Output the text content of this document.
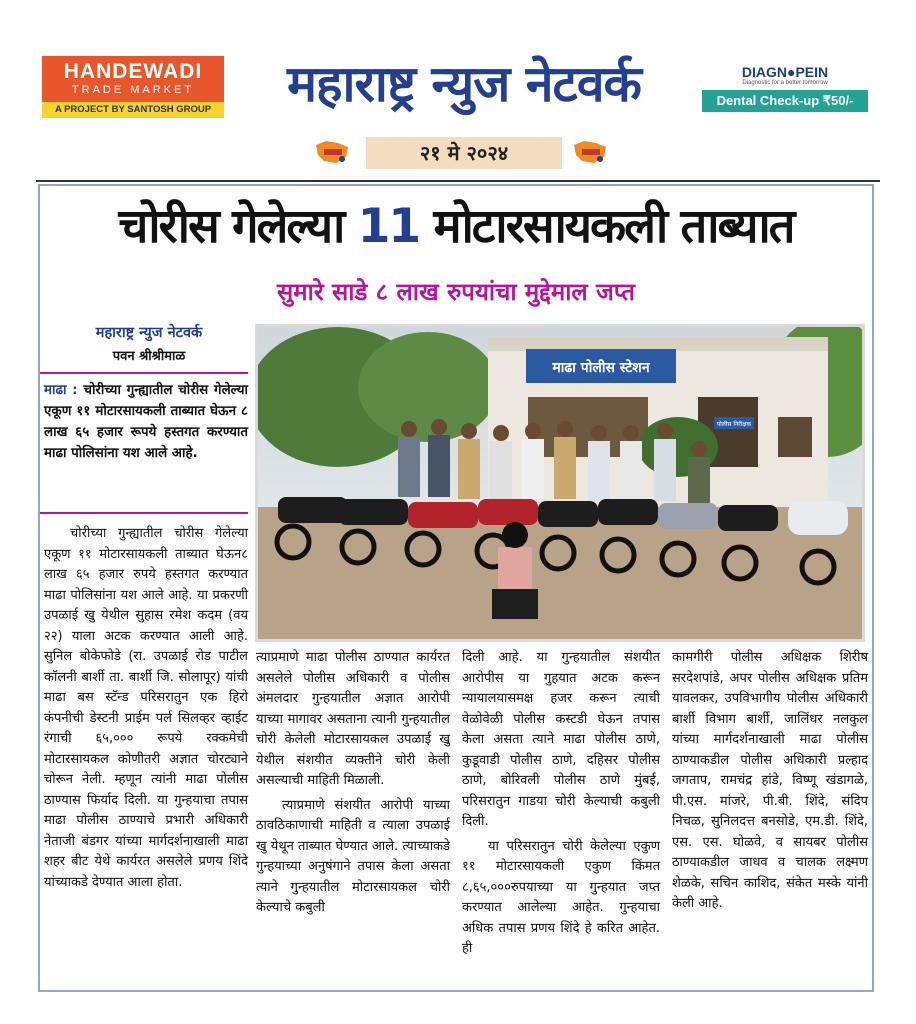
HANDEWADI
TRADE MARKET
A PROJECT BY SANTOSH GROUP	महाराष्ट्र न्युज नेटवर्क	DIAGN●PEIN
Diagnostic for a better tomorrow
Dental Check-up ₹50/-
२१ मे २०२४
चोरीस गेलेल्या 11 मोटारसायकली ताब्यात
सुमारे साडे ८ लाख रुपयांचा मुद्देमाल जप्त
महाराष्ट्र न्युज नेटवर्क
पवन श्रीश्रीमाळ
माढा : चोरीच्या गुन्ह्यातील चोरीस गेलेल्या एकूण ११ मोटारसायकली ताब्यात घेऊन ८ लाख ६५ हजार रूपये हस्तगत करण्यात माढा पोलिसांना यश आले आहे.

चोरीच्या गुन्ह्यातील चोरीस गेलेल्या एकूण ११ मोटारसायकली ताब्यात घेऊन८ लाख ६५ हजार रुपये हस्तगत करण्यात माढा पोलिसांना यश आले आहे. या प्रकरणी उपळाई खु येथील सुहास रमेश कदम (वय २२) याला अटक करण्यात आली आहे. सुनिल बोकेफोडे (रा. उपळाई रोड पाटील कॉलनी बार्शी ता. बार्शी जि. सोलापूर) यांची माढा बस स्टॅन्ड परिसरातुन एक हिरो कंपनीची डेस्टनी प्राईम पर्ल सिलव्हर व्हाईट रंगाची ६५,००० रूपये रक्कमेची मोटारसायकल कोणीतरी अज्ञात चोरट्याने चोरून नेली. म्हणून त्यांनी माढा पोलीस ठाण्यास फिर्याद दिली. या गुन्हयाचा तपास माढा पोलीस ठाण्याचे प्रभारी अधिकारी नेताजी बंडगर यांच्या मार्गदर्शनाखाली माढा शहर बीट येथे कार्यरत असलेले प्रणय शिंदे यांच्याकडे देण्यात आला होता.

त्याप्रमाणे माढा पोलीस ठाण्यात कार्यरत असलेले पोलीस अधिकारी व पोलीस अंमलदार गुन्हयातील अज्ञात आरोपी याच्या मागावर असताना त्यानी गुन्हयातील चोरी केलेली मोटारसायकल उपळाई खु येथील संशयीत व्यक्तीने चोरी केली असल्याची माहिती मिळाली.

त्याप्रमाणे संशयीत आरोपी याच्या ठावठिकाणाची माहिती व त्याला उपळाई खु येथून ताब्यात घेण्यात आले. त्याच्याकडे गुन्हयाच्या अनुषंगाने तपास केला असता त्याने गुन्हयातील मोटारसायकल चोरी केल्याचे कबुली

दिली आहे. या गुन्हयातील संशयीत आरोपीस या गुहयात अटक करून न्यायालयासमक्ष हजर करून त्याची वेळोवेळी पोलीस कस्टडी घेऊन तपास केला असता त्याने माढा पोलीस ठाणे, कुडूवाडी पोलीस ठाणे, दहिसर पोलीस ठाणे, बोरिवली पोलीस ठाणे मुंबई, परिसरातुन गाडया चोरी केल्याची कबुली दिली.

या परिसरातुन चोरी केलेल्या एकुण ११ मोटारसायकली एकुण किंमत ८,६५,०००रुपयाच्या या गुन्हयात जप्त करण्यात आलेल्या आहेत. गुन्हयाचा अधिक तपास प्रणय शिंदे हे करित आहेत. ही

कामगीरी पोलीस अधिक्षक शिरीष सरदेशपांडे, अपर पोलीस अधिक्षक प्रतिम यावलकर, उपविभागीय पोलीस अधिकारी बार्शी विभाग बार्शी, जालिंधर नलकुल यांच्या मार्गदर्शनाखाली माढा पोलीस ठाण्याकडील पोलीस अधिकारी प्रल्हाद जगताप, रामचंद्र हांडे, विष्णू खंडागळे, पी.एस. मांजरे, पी.बी. शिंदे, संदिप निचळ, सुनिलदत्त बनसोडे, एम.डी. शिंदे, एस. एस. घोळवे, व सायबर पोलीस ठाण्याकडील जाधव व चालक लक्ष्मण शेळके, सचिन काशिद, संकेत मस्के यांनी केली आहे.

माढा पोलीस स्टेशन
पोलीस निरीक्षक
